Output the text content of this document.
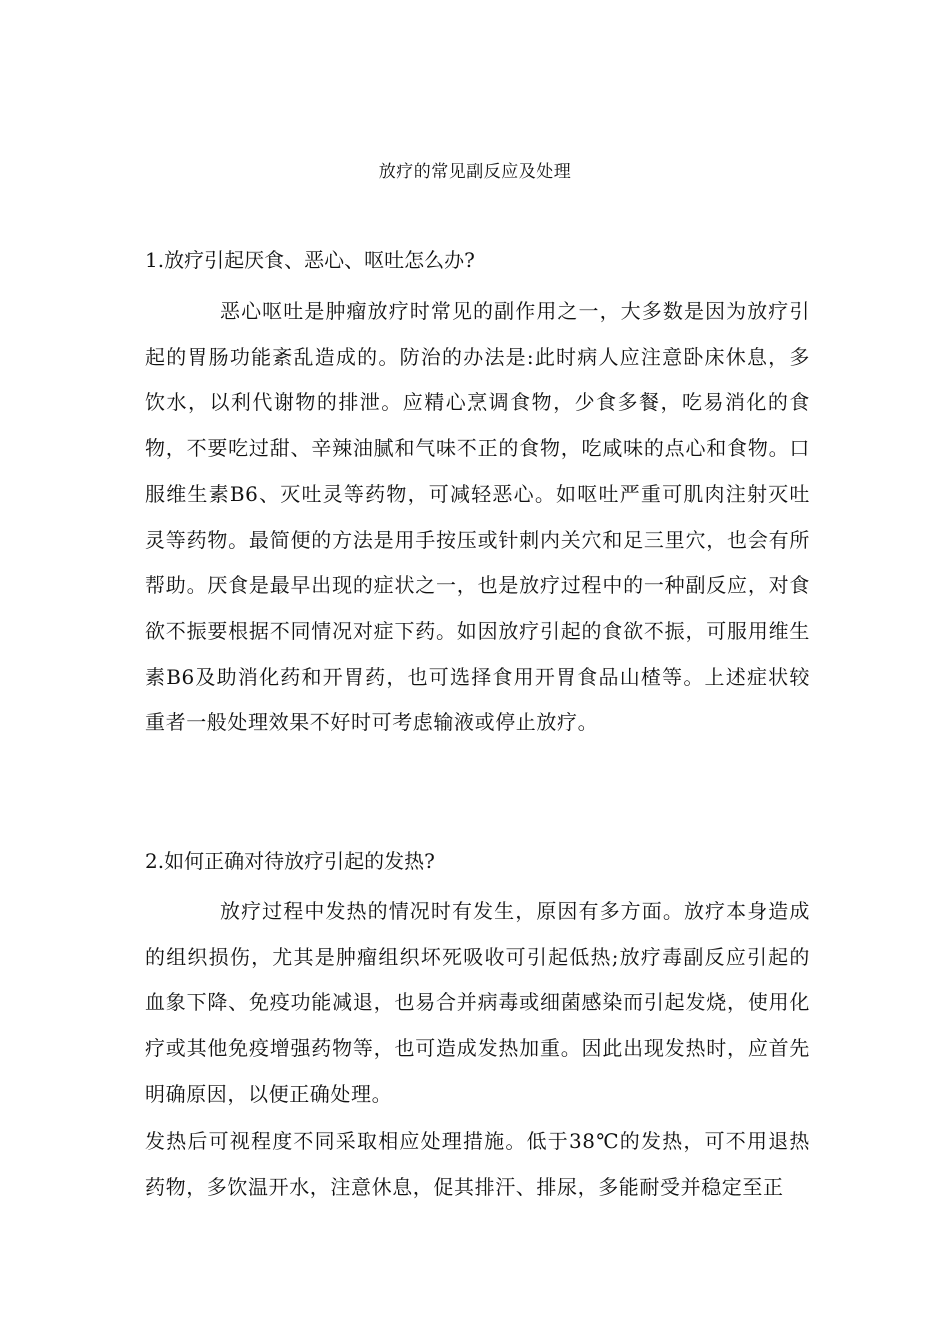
放疗的常见副反应及处理

1.放疗引起厌食、恶心、呕吐怎么办?

恶心呕吐是肿瘤放疗时常见的副作用之一，大多数是因为放疗引起的胃肠功能紊乱造成的。防治的办法是:此时病人应注意卧床休息，多饮水，以利代谢物的排泄。应精心烹调食物，少食多餐，吃易消化的食物，不要吃过甜、辛辣油腻和气味不正的食物，吃咸味的点心和食物。口服维生素B6、灭吐灵等药物，可减轻恶心。如呕吐严重可肌肉注射灭吐灵等药物。最简便的方法是用手按压或针刺内关穴和足三里穴，也会有所帮助。厌食是最早出现的症状之一，也是放疗过程中的一种副反应，对食欲不振要根据不同情况对症下药。如因放疗引起的食欲不振，可服用维生素B6及助消化药和开胃药，也可选择食用开胃食品山楂等。上述症状较重者一般处理效果不好时可考虑输液或停止放疗。

2.如何正确对待放疗引起的发热?

放疗过程中发热的情况时有发生，原因有多方面。放疗本身造成的组织损伤，尤其是肿瘤组织坏死吸收可引起低热;放疗毒副反应引起的血象下降、免疫功能减退，也易合并病毒或细菌感染而引起发烧，使用化疗或其他免疫增强药物等，也可造成发热加重。因此出现发热时，应首先明确原因，以便正确处理。

发热后可视程度不同采取相应处理措施。低于38℃的发热，可不用退热药物，多饮温开水，注意休息，促其排汗、排尿，多能耐受并稳定至正
